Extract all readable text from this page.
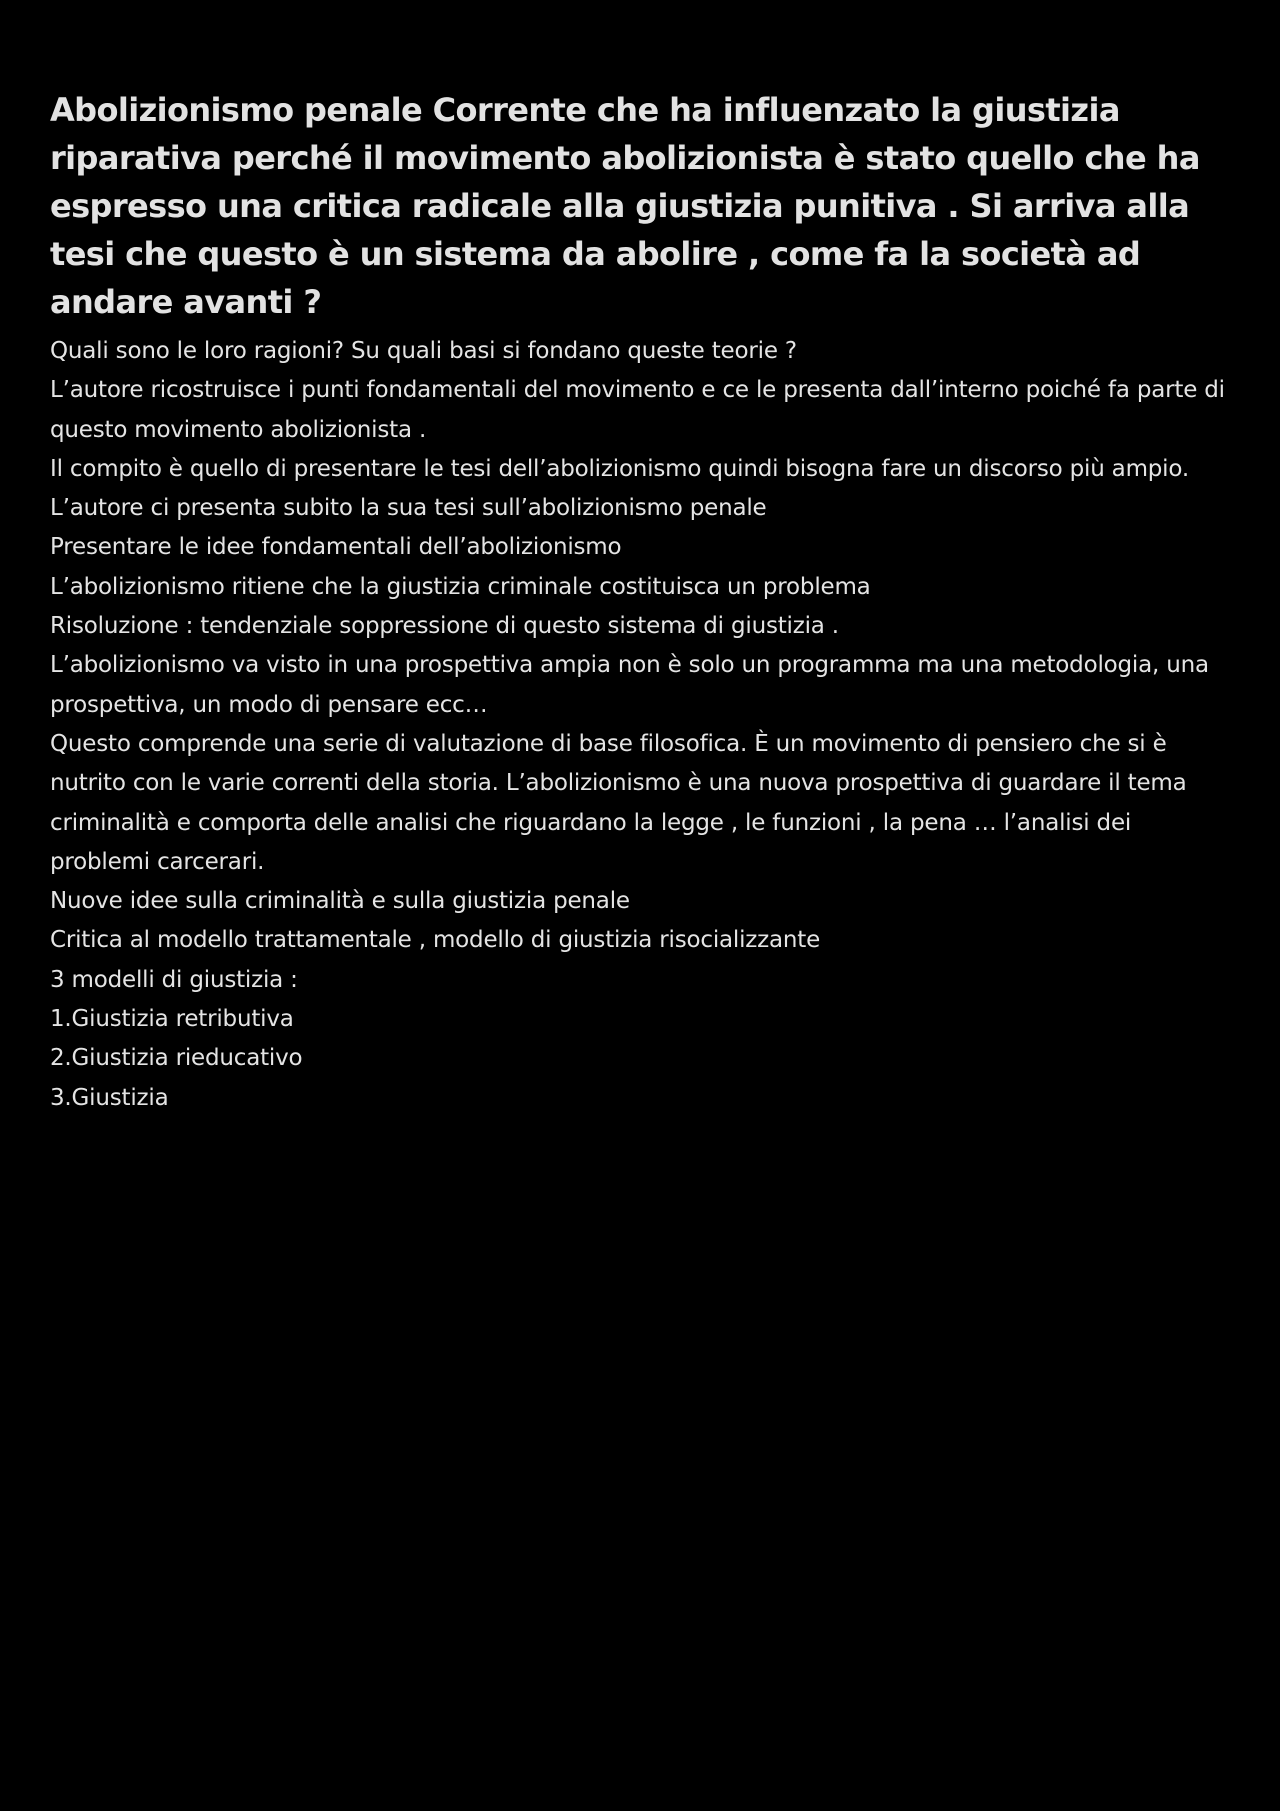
Abolizionismo penale Corrente che ha influenzato la giustizia riparativa perché il movimento abolizionista è stato quello che ha espresso una critica radicale alla giustizia punitiva . Si arriva alla tesi che questo è un sistema da abolire , come fa la società ad andare avanti ?

Quali sono le loro ragioni? Su quali basi si fondano queste teorie ?

L’autore ricostruisce i punti fondamentali del movimento e ce le presenta dall’interno poiché fa parte di questo movimento abolizionista .

Il compito è quello di presentare le tesi dell’abolizionismo quindi bisogna fare un discorso più ampio.

L’autore ci presenta subito la sua tesi sull’abolizionismo penale

Presentare le idee fondamentali dell’abolizionismo

L’abolizionismo ritiene che la giustizia criminale costituisca un problema

Risoluzione : tendenziale soppressione di questo sistema di giustizia .

L’abolizionismo va visto in una prospettiva ampia non è solo un programma ma una metodologia, una prospettiva, un modo di pensare ecc…

Questo comprende una serie di valutazione di base filosofica. È un movimento di pensiero che si è nutrito con le varie correnti della storia. L’abolizionismo è una nuova prospettiva di guardare il tema criminalità e comporta delle analisi che riguardano la legge , le funzioni , la pena … l’analisi dei problemi carcerari.

Nuove idee sulla criminalità e sulla giustizia penale

Critica al modello trattamentale , modello di giustizia risocializzante

3 modelli di giustizia :

1.Giustizia retributiva

2.Giustizia rieducativo

3.Giustizia
